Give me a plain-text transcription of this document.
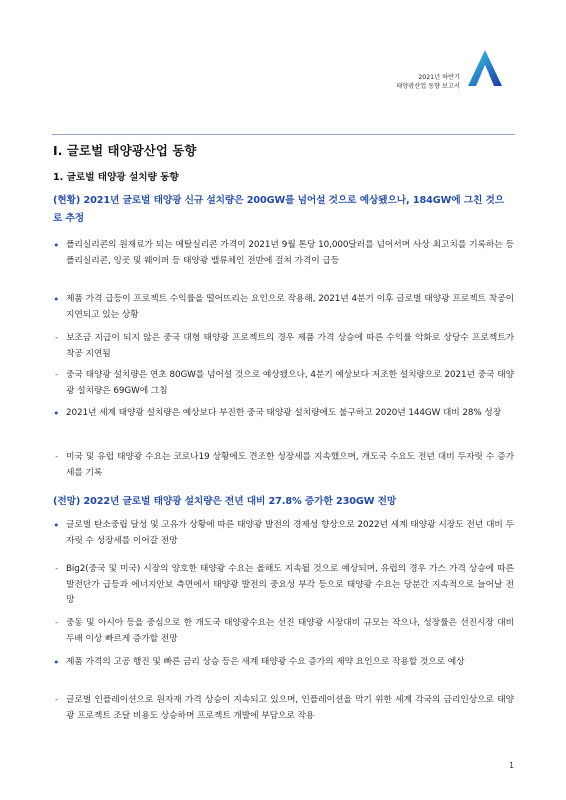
2021년 하반기
태양광산업 동향 보고서
I. 글로벌 태양광산업 동향
1. 글로벌 태양광 설치량 동향
(현황) 2021년 글로벌 태양광 신규 설치량은 200GW를 넘어설 것으로 예상됐으나, 184GW에 그친 것으로 추정
• 폴리실리콘의 원재료가 되는 메탈실리콘 가격이 2021년 9월 톤당 10,000달러를 넘어서며 사상 최고치를 기록하는 등 폴리실리콘, 잉곳 및 웨이퍼 등 태양광 밸류체인 전반에 걸쳐 가격이 급등
• 제품 가격 급등이 프로젝트 수익률을 떨어뜨리는 요인으로 작용해, 2021년 4분기 이후 글로벌 태양광 프로젝트 착공이 지연되고 있는 상황
- 보조금 지급이 되지 않은 중국 대형 태양광 프로젝트의 경우 제품 가격 상승에 따른 수익률 악화로 상당수 프로젝트가 착공 지연됨
- 중국 태양광 설치량은 연초 80GW를 넘어설 것으로 예상됐으나, 4분기 예상보다 저조한 설치량으로 2021년 중국 태양광 설치량은 69GW에 그침
• 2021년 세계 태양광 설치량은 예상보다 부진한 중국 태양광 설치량에도 불구하고 2020년 144GW 대비 28% 성장
- 미국 및 유럽 태양광 수요는 코로나19 상황에도 견조한 성장세를 지속했으며, 개도국 수요도 전년 대비 두자릿 수 증가세를 기록
(전망) 2022년 글로벌 태양광 설치량은 전년 대비 27.8% 증가한 230GW 전망
• 글로벌 탄소중립 달성 및 고유가 상황에 따른 태양광 발전의 경제성 향상으로 2022년 세계 태양광 시장도 전년 대비 두자릿 수 성장세를 이어갈 전망
- Big2(중국 및 미국) 시장의 양호한 태양광 수요는 올해도 지속될 것으로 예상되며, 유럽의 경우 가스 가격 상승에 따른 발전단가 급등과 에너지안보 측면에서 태양광 발전의 중요성 부각 등으로 태양광 수요는 당분간 지속적으로 늘어날 전망
- 중동 및 아시아 등을 중심으로 한 개도국 태양광수요는 선진 태양광 시장대비 규모는 작으나, 성장률은 선진시장 대비 두배 이상 빠르게 증가할 전망
• 제품 가격의 고공 행진 및 빠른 금리 상승 등은 세계 태양광 수요 증가의 제약 요인으로 작용할 것으로 예상
- 글로벌 인플레이션으로 원자재 가격 상승이 지속되고 있으며, 인플레이션을 막기 위한 세계 각국의 금리인상으로 태양광 프로젝트 조달 비용도 상승하며 프로젝트 개발에 부담으로 작용
1
